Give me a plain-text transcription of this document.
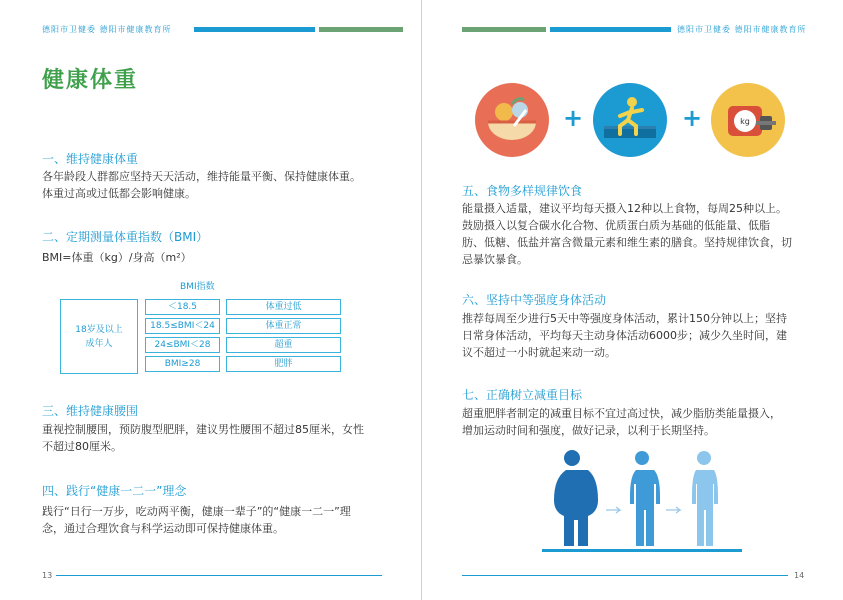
德阳市卫健委 德阳市健康教育所
健康体重
一、维持健康体重
各年龄段人群都应坚持天天活动，维持能量平衡、保持健康体重。
体重过高或过低都会影响健康。
二、定期测量体重指数（BMI）
BMI=体重（kg）/身高（m²）
BMI指数
18岁及以上
成年人
＜18.5	体重过低
18.5≤BMI＜24	体重正常
24≤BMI＜28	超重
BMI≥28	肥胖
三、维持健康腰围
重视控制腰围，预防腹型肥胖，建议男性腰围不超过85厘米，女性
不超过80厘米。
四、践行“健康一二一”理念
践行“日行一万步，吃动两平衡，健康一辈子”的“健康一二一”理
念，通过合理饮食与科学运动即可保持健康体重。
13
德阳市卫健委 德阳市健康教育所
+	+	kg
五、食物多样规律饮食
能量摄入适量，建议平均每天摄入12种以上食物，每周25种以上。
鼓励摄入以复合碳水化合物、优质蛋白质为基础的低能量、低脂
肪、低糖、低盐并富含微量元素和维生素的膳食。坚持规律饮食，切
忌暴饮暴食。
六、坚持中等强度身体活动
推荐每周至少进行5天中等强度身体活动，累计150分钟以上；坚持
日常身体活动，平均每天主动身体活动6000步；减少久坐时间，建
议不超过一小时就起来动一动。
七、正确树立减重目标
超重肥胖者制定的减重目标不宜过高过快，减少脂肪类能量摄入，
增加运动时间和强度，做好记录，以利于长期坚持。
14
